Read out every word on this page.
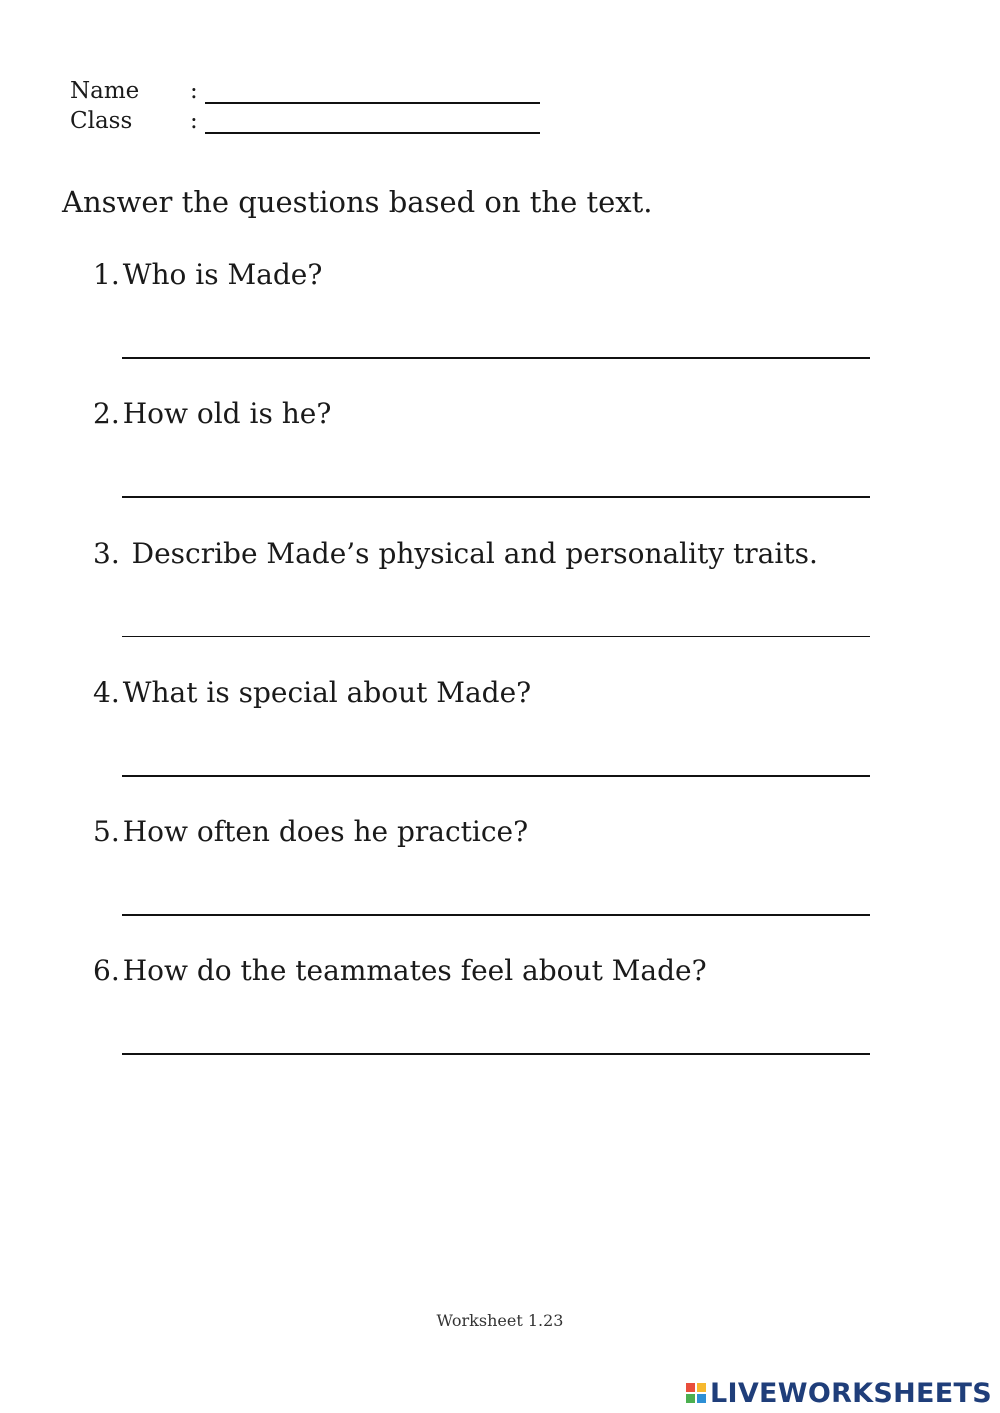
Name :
Class	:
Answer the questions based on the text.
1. Who is Made?
2. How old is he?
3. Describe Made’s physical and personality traits.
4. What is special about Made?
5. How often does he practice?
6. How do the teammates feel about Made?
Worksheet 1.23
LIVEWORKSHEETS
